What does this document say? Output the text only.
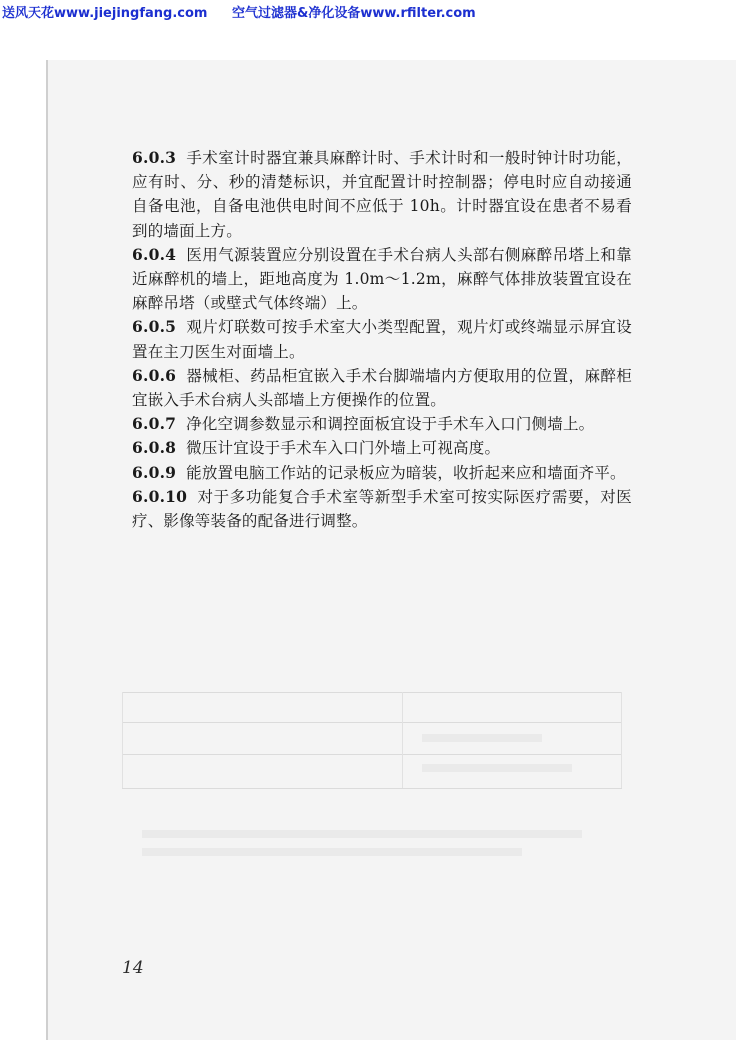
送风天花www.jiejingfang.com 空气过滤器&净化设备www.rfilter.com
6.0.3 手术室计时器宜兼具麻醉计时、手术计时和一般时钟计时功能，应有时、分、秒的清楚标识，并宜配置计时控制器；停电时应自动接通自备电池，自备电池供电时间不应低于 10h。计时器宜设在患者不易看到的墙面上方。
6.0.4 医用气源装置应分别设置在手术台病人头部右侧麻醉吊塔上和靠近麻醉机的墙上，距地高度为 1.0m～1.2m，麻醉气体排放装置宜设在麻醉吊塔（或壁式气体终端）上。
6.0.5 观片灯联数可按手术室大小类型配置，观片灯或终端显示屏宜设置在主刀医生对面墙上。
6.0.6 器械柜、药品柜宜嵌入手术台脚端墙内方便取用的位置，麻醉柜宜嵌入手术台病人头部墙上方便操作的位置。
6.0.7 净化空调参数显示和调控面板宜设于手术车入口门侧墙上。
6.0.8 微压计宜设于手术车入口门外墙上可视高度。
6.0.9 能放置电脑工作站的记录板应为暗装，收折起来应和墙面齐平。
6.0.10 对于多功能复合手术室等新型手术室可按实际医疗需要，对医疗、影像等装备的配备进行调整。
14
